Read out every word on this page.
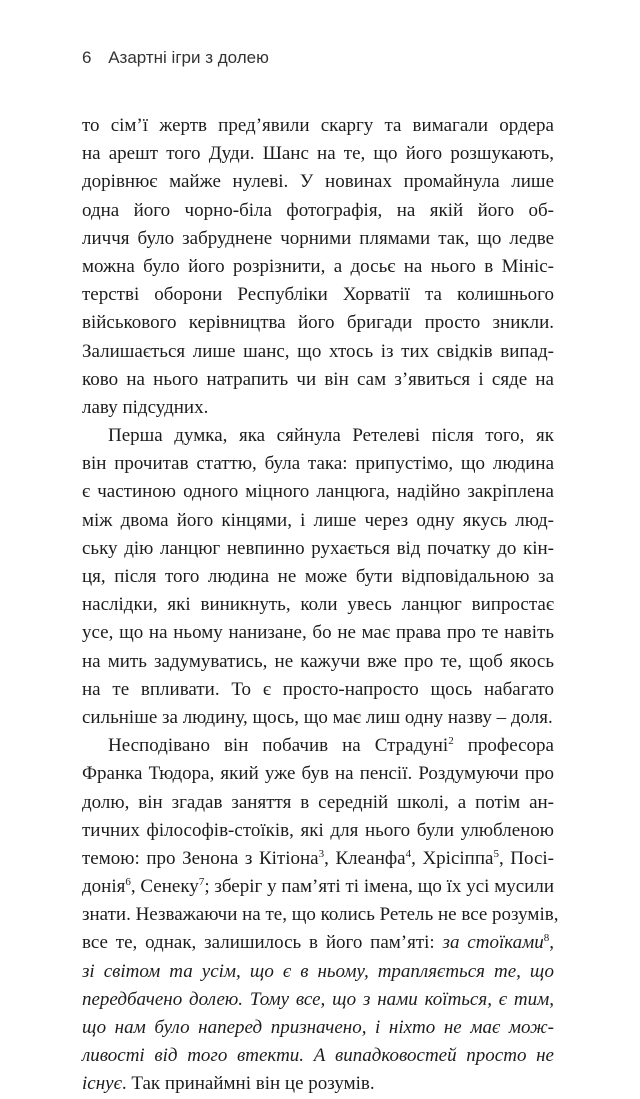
6 Азартні ігри з долею
то сім’ї жертв пред’явили скаргу та вимагали ордера
на арешт того Дуди. Шанс на те, що його розшукають,
дорівнює майже нулеві. У новинах промайнула лише
одна його чорно-біла фотографія, на якій його об-
личчя було забруднене чорними плямами так, що ледве
можна було його розрізнити, а досьє на нього в Мініс-
терстві оборони Республіки Хорватії та колишнього
військового керівництва його бригади просто зникли.
Залишається лише шанс, що хтось із тих свідків випад-
ково на нього натрапить чи він сам з’явиться і сяде на
лаву підсудних.
Перша думка, яка сяйнула Ретелеві після того, як
він прочитав статтю, була така: припустімо, що людина
є частиною одного міцного ланцюга, надійно закріплена
між двома його кінцями, і лише через одну якусь люд-
ську дію ланцюг невпинно рухається від початку до кін-
ця, після того людина не може бути відповідальною за
наслідки, які виникнуть, коли увесь ланцюг випростає
усе, що на ньому нанизане, бо не має права про те навіть
на мить задумуватись, не кажучи вже про те, щоб якось
на те впливати. То є просто-напросто щось набагато
сильніше за людину, щось, що має лиш одну назву – доля.
Несподівано він побачив на Страдуні$^2$ професора
Франка Тюдора, який уже був на пенсії. Роздумуючи про
долю, він згадав заняття в середній школі, а потім ан-
тичних філософів-стоїків, які для нього були улюбленою
темою: про Зенона з Кітіона$^3$, Клеанфа$^4$, Хрісіппа$^5$, Посі-
донія$^6$, Сенеку$^7$; зберіг у пам’яті ті імена, що їх усі мусили
знати. Незважаючи на те, що колись Ретель не все розумів,
все те, однак, залишилось в його пам’яті: за стоїками$^8$,
зі світом та усім, що є в ньому, трапляється те, що
передбачено долею. Тому все, що з нами коїться, є тим,
що нам було наперед призначено, і ніхто не має мож-
ливості від того втекти. А випадковостей просто не
існує. Так принаймні він це розумів.
